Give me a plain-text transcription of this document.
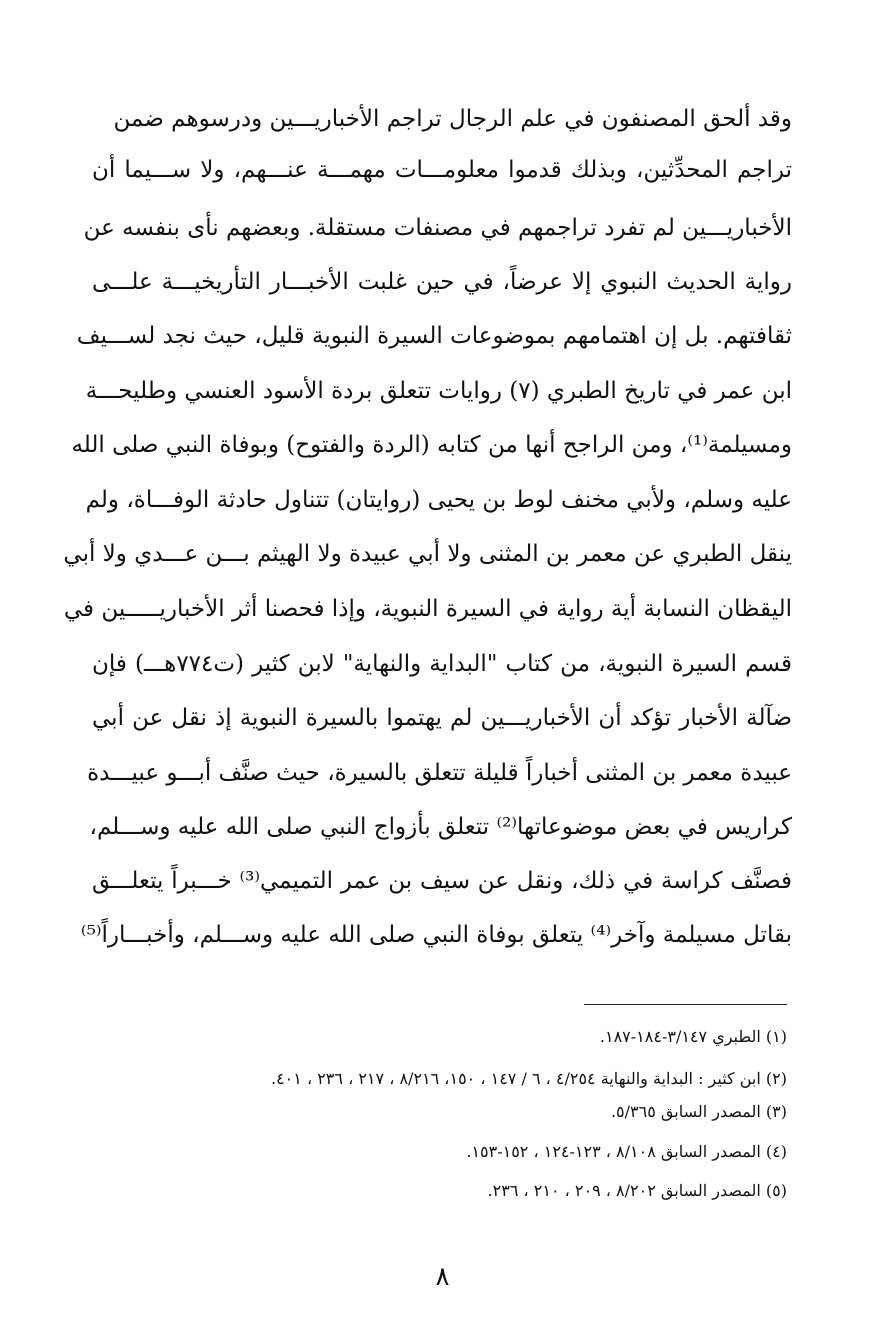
وقد ألحق المصنفون في علم الرجال تراجم الأخباريـــين ودرسوهم ضمن
تراجم المحدِّثين، وبذلك قدموا معلومـــات مهمـــة عنـــهم، ولا ســـيما أن
الأخباريـــين لم تفرد تراجمهم في مصنفات مستقلة. وبعضهم نأى بنفسه عن
رواية الحديث النبوي إلا عرضاً، في حين غلبت الأخبـــار التأريخيـــة علـــى
ثقافتهم. بل إن اهتمامهم بموضوعات السيرة النبوية قليل، حيث نجد لســـيف
ابن عمر في تاريخ الطبري (٧) روايات تتعلق بردة الأسود العنسي وطليحـــة
ومسيلمة⁽¹⁾، ومن الراجح أنها من كتابه (الردة والفتوح) وبوفاة النبي صلى الله
عليه وسلم، ولأبي مخنف لوط بن يحيى (روايتان) تتناول حادثة الوفـــاة، ولم
ينقل الطبري عن معمر بن المثنى ولا أبي عبيدة ولا الهيثم بـــن عـــدي ولا أبي
اليقظان النسابة أية رواية في السيرة النبوية، وإذا فحصنا أثر الأخباريـــــين في
قسم السيرة النبوية، من كتاب "البداية والنهاية" لابن كثير (ت٧٧٤هـــ) فإن
ضآلة الأخبار تؤكد أن الأخباريـــين لم يهتموا بالسيرة النبوية إذ نقل عن أبي
عبيدة معمر بن المثنى أخباراً قليلة تتعلق بالسيرة، حيث صنَّف أبـــو عبيـــدة
كراريس في بعض موضوعاتها⁽²⁾ تتعلق بأزواج النبي صلى الله عليه وســـلم،
فصنَّف كراسة في ذلك، ونقل عن سيف بن عمر التميمي⁽³⁾ خـــبراً يتعلـــق
بقاتل مسيلمة وآخر⁽⁴⁾ يتعلق بوفاة النبي صلى الله عليه وســـلم، وأخبـــاراً⁽⁵⁾
(١) الطبري ٣/١٤٧-١٨٤-١٨٧.
(٢) ابن كثير : البداية والنهاية ٤/٢٥٤ ، ٦ / ١٤٧ ، ١٥٠، ٨/٢١٦ ، ٢١٧ ، ٢٣٦ ، ٤٠١.
(٣) المصدر السابق ٥/٣٦٥.
(٤) المصدر السابق ٨/١٠٨ ، ١٢٣-١٢٤ ، ١٥٢-١٥٣.
(٥) المصدر السابق ٨/٢٠٢ ، ٢٠٩ ، ٢١٠ ، ٢٣٦.
٨
